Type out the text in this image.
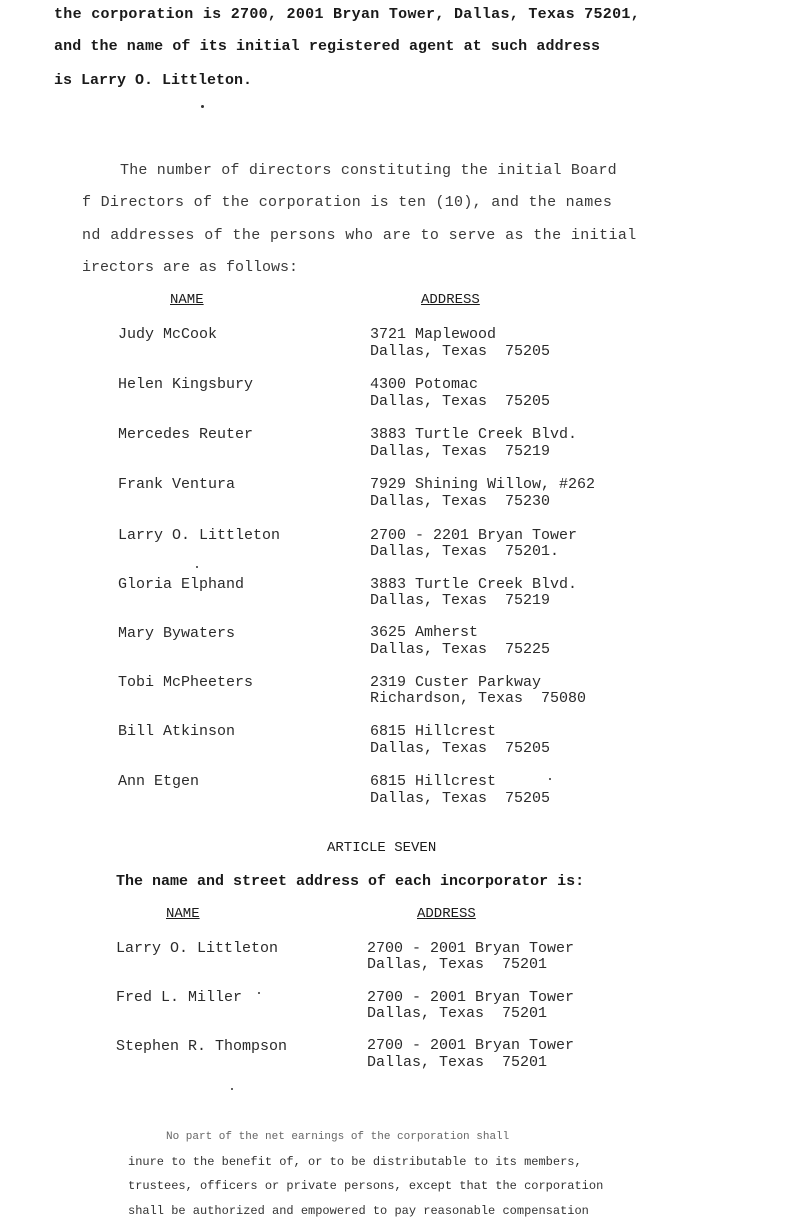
the corporation is 2700, 2001 Bryan Tower, Dallas, Texas 75201,
and the name of its initial registered agent at such address
is Larry O. Littleton.
The number of directors constituting the initial Board
f Directors of the corporation is ten (10), and the names
nd addresses of the persons who are to serve as the initial
irectors are as follows:
NAME	ADDRESS
Judy McCook	3721 Maplewood
Dallas, Texas  75205
Helen Kingsbury	4300 Potomac
Dallas, Texas  75205
Mercedes Reuter	3883 Turtle Creek Blvd.
Dallas, Texas  75219
Frank Ventura	7929 Shining Willow, #262
Dallas, Texas  75230
Larry O. Littleton	2700 - 2201 Bryan Tower
Dallas, Texas  75201.
Gloria Elphand	3883 Turtle Creek Blvd.
Dallas, Texas  75219
Mary Bywaters	3625 Amherst
Dallas, Texas  75225
Tobi McPheeters	2319 Custer Parkway
Richardson, Texas  75080
Bill Atkinson	6815 Hillcrest
Dallas, Texas  75205
Ann Etgen	6815 Hillcrest
Dallas, Texas  75205
ARTICLE SEVEN
The name and street address of each incorporator is:
NAME	ADDRESS
Larry O. Littleton	2700 - 2001 Bryan Tower
Dallas, Texas  75201
Fred L. Miller	2700 - 2001 Bryan Tower
Dallas, Texas  75201
Stephen R. Thompson	2700 - 2001 Bryan Tower
Dallas, Texas  75201
No part of the net earnings of the corporation shall
inure to the benefit of, or to be distributable to its members,
trustees, officers or private persons, except that the corporation
shall be authorized and empowered to pay reasonable compensation
